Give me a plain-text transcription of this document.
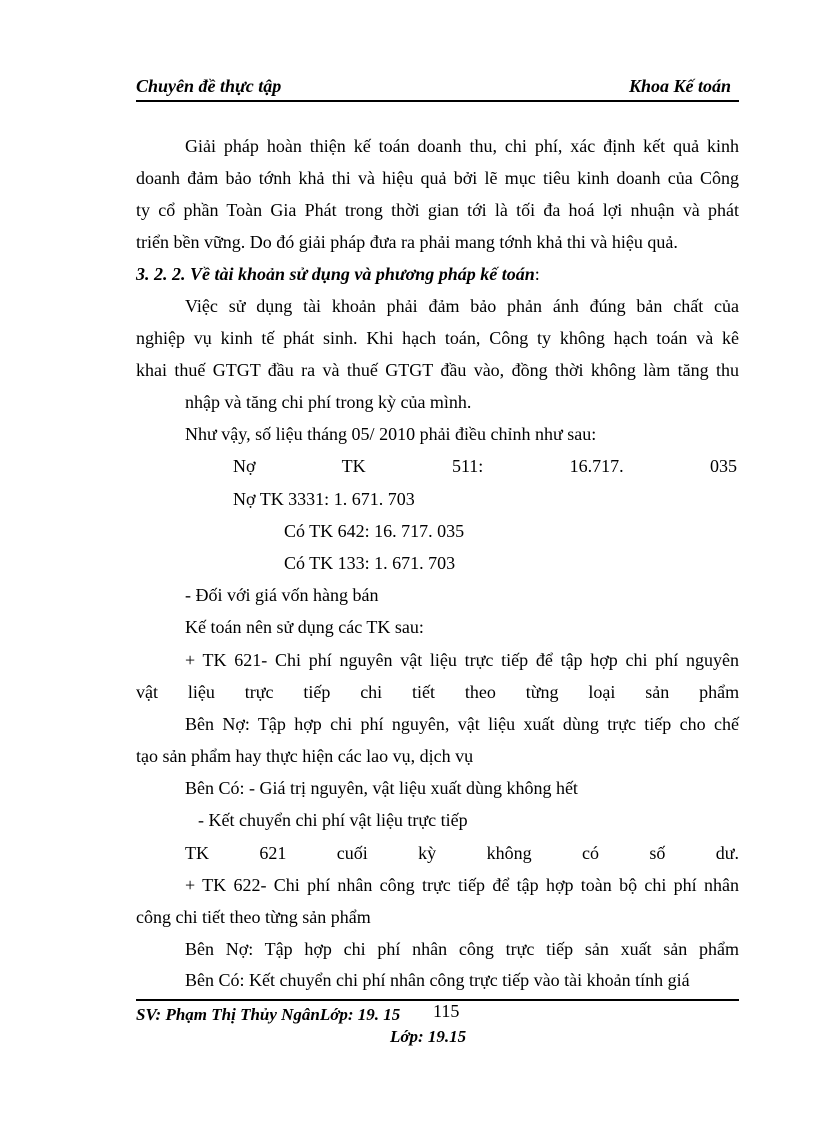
Chuyên đề thực tập	Khoa Kế toán
Giải pháp hoàn thiện kế toán doanh thu, chi phí, xác định kết quả kinh
doanh đảm bảo tớnh khả thi và hiệu quả bởi lẽ mục tiêu kinh doanh của Công
ty cổ phần Toàn Gia Phát trong thời gian tới là tối đa hoá lợi nhuận và phát
triển bền vững. Do đó giải pháp đưa ra phải mang tớnh khả thi và hiệu quả.
3. 2. 2. Về tài khoản sử dụng và phương pháp kế toán:
Việc sử dụng tài khoản phải đảm bảo phản ánh đúng bản chất của
nghiệp vụ kinh tế phát sinh. Khi hạch toán, Công ty không hạch toán và kê
khai thuế GTGT đầu ra và thuế GTGT đầu vào, đồng thời không làm tăng thu
nhập và tăng chi phí trong kỳ của mình.
Như vậy, số liệu tháng 05/ 2010 phải điều chỉnh như sau:
Nợ	TK	511:	16.717.	035
Nợ TK 3331: 1. 671. 703
Có TK 642: 16. 717. 035
Có TK 133: 1. 671. 703
- Đối với giá vốn hàng bán
Kế toán nên sử dụng các TK sau:
+ TK 621- Chi phí nguyên vật liệu trực tiếp để tập hợp chi phí nguyên
vật liệu trực tiếp chi tiết theo từng loại sản phẩm
Bên Nợ: Tập hợp chi phí nguyên, vật liệu xuất dùng trực tiếp cho chế
tạo sản phẩm hay thực hiện các lao vụ, dịch vụ
Bên Có: - Giá trị nguyên, vật liệu xuất dùng không hết
- Kết chuyển chi phí vật liệu trực tiếp
TK	621	cuối	kỳ	không	có	số	dư.
+ TK 622- Chi phí nhân công trực tiếp để tập hợp toàn bộ chi phí nhân
công chi tiết theo từng sản phẩm
Bên Nợ: Tập hợp chi phí nhân công trực tiếp sản xuất sản phẩm
Bên Có: Kết chuyển chi phí nhân công trực tiếp vào tài khoản tính giá
SV: Phạm Thị Thủy NgânLớp: 19. 15 115
Lớp: 19.15
